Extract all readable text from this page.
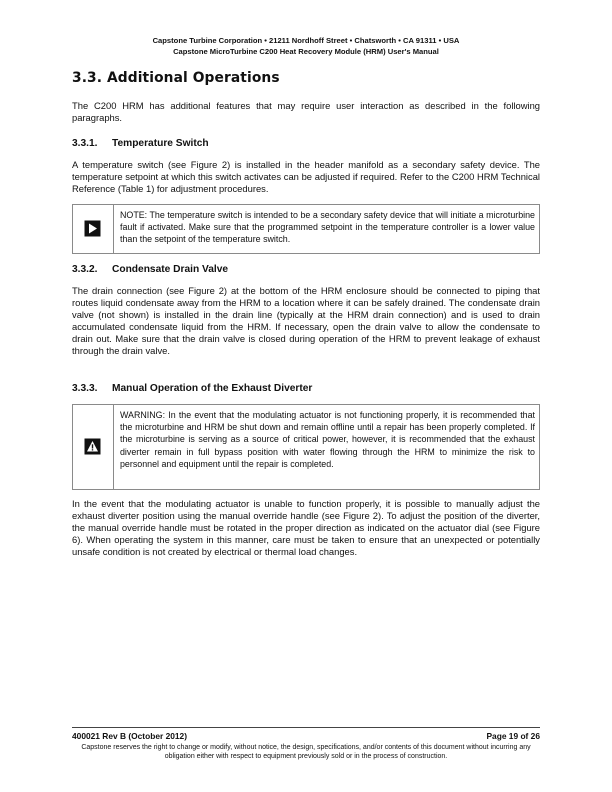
Capstone Turbine Corporation • 21211 Nordhoff Street • Chatsworth • CA 91311 • USA
Capstone MicroTurbine C200 Heat Recovery Module (HRM) User's Manual
3.3. Additional Operations

The C200 HRM has additional features that may require user interaction as described in the following paragraphs.

3.3.1. Temperature Switch

A temperature switch (see Figure 2) is installed in the header manifold as a secondary safety device. The temperature setpoint at which this switch activates can be adjusted if required. Refer to the C200 HRM Technical Reference (Table 1) for adjustment procedures.

NOTE: The temperature switch is intended to be a secondary safety device that will initiate a microturbine fault if activated. Make sure that the programmed setpoint in the temperature controller is a lower value than the setpoint of the temperature switch.
3.3.2. Condensate Drain Valve

The drain connection (see Figure 2) at the bottom of the HRM enclosure should be connected to piping that routes liquid condensate away from the HRM to a location where it can be safely drained. The condensate drain valve (not shown) is installed in the drain line (typically at the HRM drain connection) and is used to drain accumulated condensate liquid from the HRM. If necessary, open the drain valve to allow the condensate to drain out. Make sure that the drain valve is closed during operation of the HRM to prevent leakage of exhaust through the drain valve.

3.3.3. Manual Operation of the Exhaust Diverter
WARNING: In the event that the modulating actuator is not functioning properly, it is recommended that the microturbine and HRM be shut down and remain offline until a repair has been properly completed. If the microturbine is serving as a source of critical power, however, it is recommended that the exhaust diverter remain in full bypass position with water flowing through the HRM to minimize the risk to personnel and equipment until the repair is completed.

In the event that the modulating actuator is unable to function properly, it is possible to manually adjust the exhaust diverter position using the manual override handle (see Figure 2). To adjust the position of the diverter, the manual override handle must be rotated in the proper direction as indicated on the actuator dial (see Figure 6). When operating the system in this manner, care must be taken to ensure that an unexpected or potentially unsafe condition is not created by electrical or thermal load changes.

400021 Rev B (October 2012)	Page 19 of 26
Capstone reserves the right to change or modify, without notice, the design, specifications, and/or contents of this document without incurring any obligation either with respect to equipment previously sold or in the process of construction.
